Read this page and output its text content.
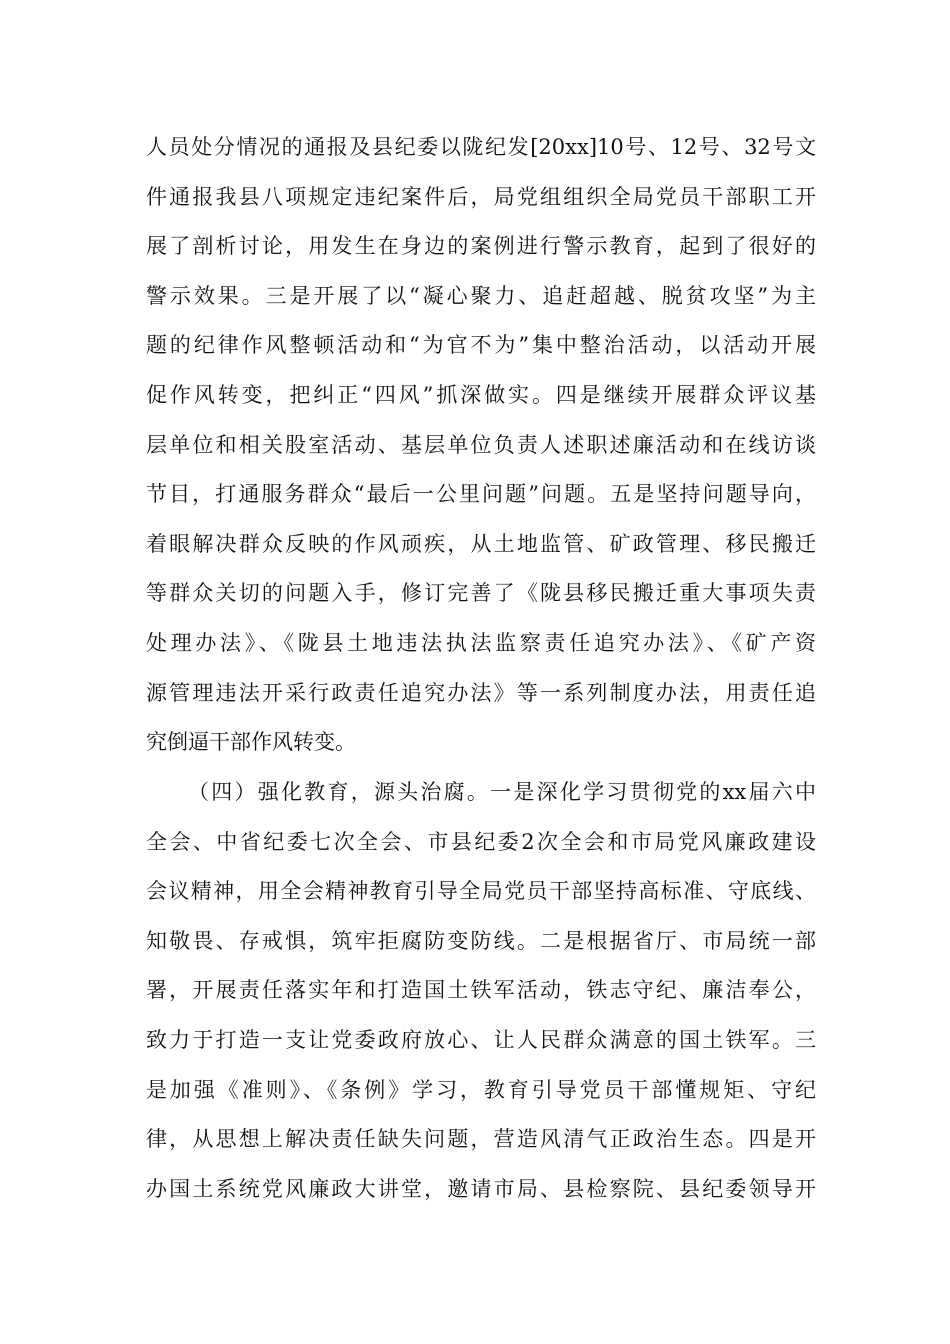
人员处分情况的通报及县纪委以陇纪发[20xx]10号、12号、32号文
件通报我县八项规定违纪案件后，局党组组织全局党员干部职工开
展了剖析讨论，用发生在身边的案例进行警示教育，起到了很好的
警示效果。三是开展了以“凝心聚力、追赶超越、脱贫攻坚”为主
题的纪律作风整顿活动和“为官不为”集中整治活动，以活动开展
促作风转变，把纠正“四风”抓深做实。四是继续开展群众评议基
层单位和相关股室活动、基层单位负责人述职述廉活动和在线访谈
节目，打通服务群众“最后一公里问题”问题。五是坚持问题导向，
着眼解决群众反映的作风顽疾，从土地监管、矿政管理、移民搬迁
等群众关切的问题入手，修订完善了《陇县移民搬迁重大事项失责
处理办法》、《陇县土地违法执法监察责任追究办法》、《矿产资
源管理违法开采行政责任追究办法》等一系列制度办法，用责任追
究倒逼干部作风转变。
（四）强化教育，源头治腐。一是深化学习贯彻党的xx届六中
全会、中省纪委七次全会、市县纪委2次全会和市局党风廉政建设
会议精神，用全会精神教育引导全局党员干部坚持高标准、守底线、
知敬畏、存戒惧，筑牢拒腐防变防线。二是根据省厅、市局统一部
署，开展责任落实年和打造国土铁军活动，铁志守纪、廉洁奉公，
致力于打造一支让党委政府放心、让人民群众满意的国土铁军。三
是加强《准则》、《条例》学习，教育引导党员干部懂规矩、守纪
律，从思想上解决责任缺失问题，营造风清气正政治生态。四是开
办国土系统党风廉政大讲堂，邀请市局、县检察院、县纪委领导开
